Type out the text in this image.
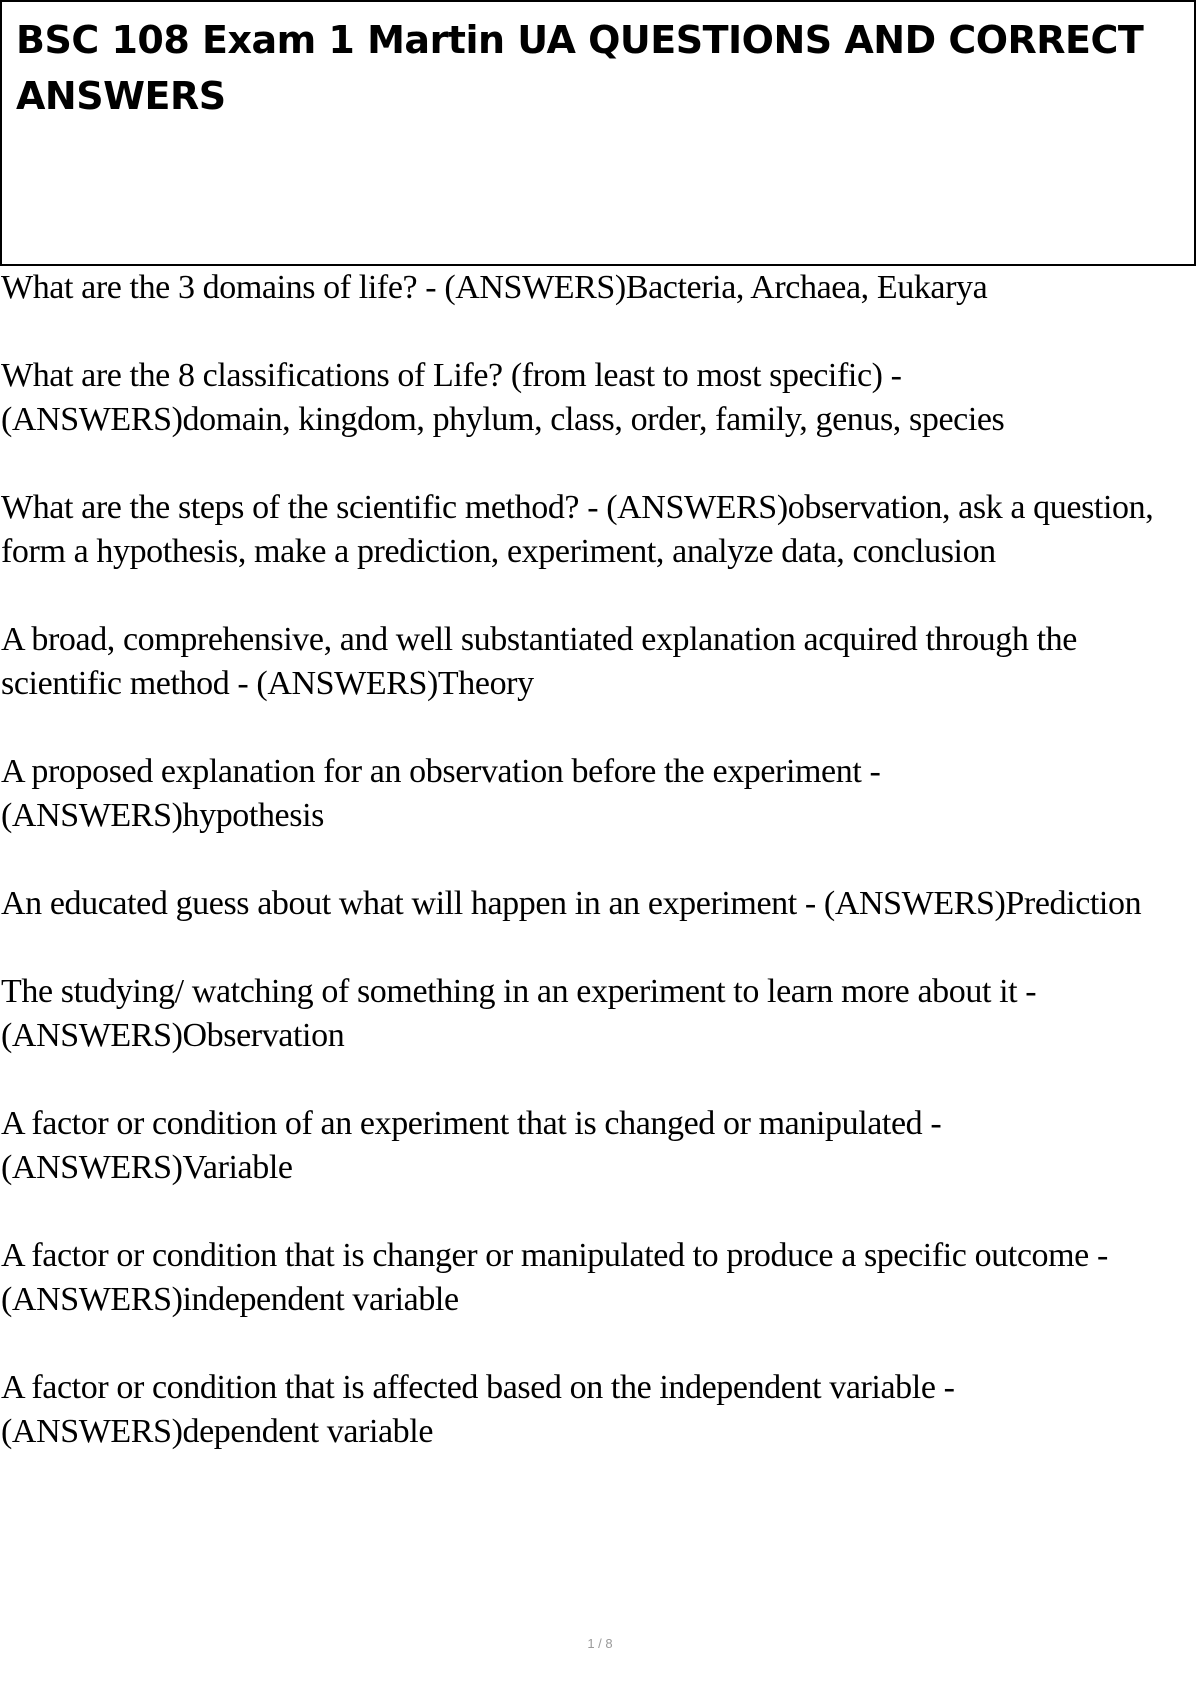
BSC 108 Exam 1 Martin UA QUESTIONS AND CORRECT ANSWERS

What are the 3 domains of life? - (ANSWERS)Bacteria, Archaea, Eukarya

What are the 8 classifications of Life? (from least to most specific) - (ANSWERS)domain, kingdom, phylum, class, order, family, genus, species

What are the steps of the scientific method? - (ANSWERS)observation, ask a question, form a hypothesis, make a prediction, experiment, analyze data, conclusion

A broad, comprehensive, and well substantiated explanation acquired through the scientific method - (ANSWERS)Theory

A proposed explanation for an observation before the experiment - (ANSWERS)hypothesis

An educated guess about what will happen in an experiment - (ANSWERS)Prediction

The studying/ watching of something in an experiment to learn more about it - (ANSWERS)Observation

A factor or condition of an experiment that is changed or manipulated - (ANSWERS)Variable

A factor or condition that is changer or manipulated to produce a specific outcome - (ANSWERS)independent variable

A factor or condition that is affected based on the independent variable - (ANSWERS)dependent variable

1 / 8
